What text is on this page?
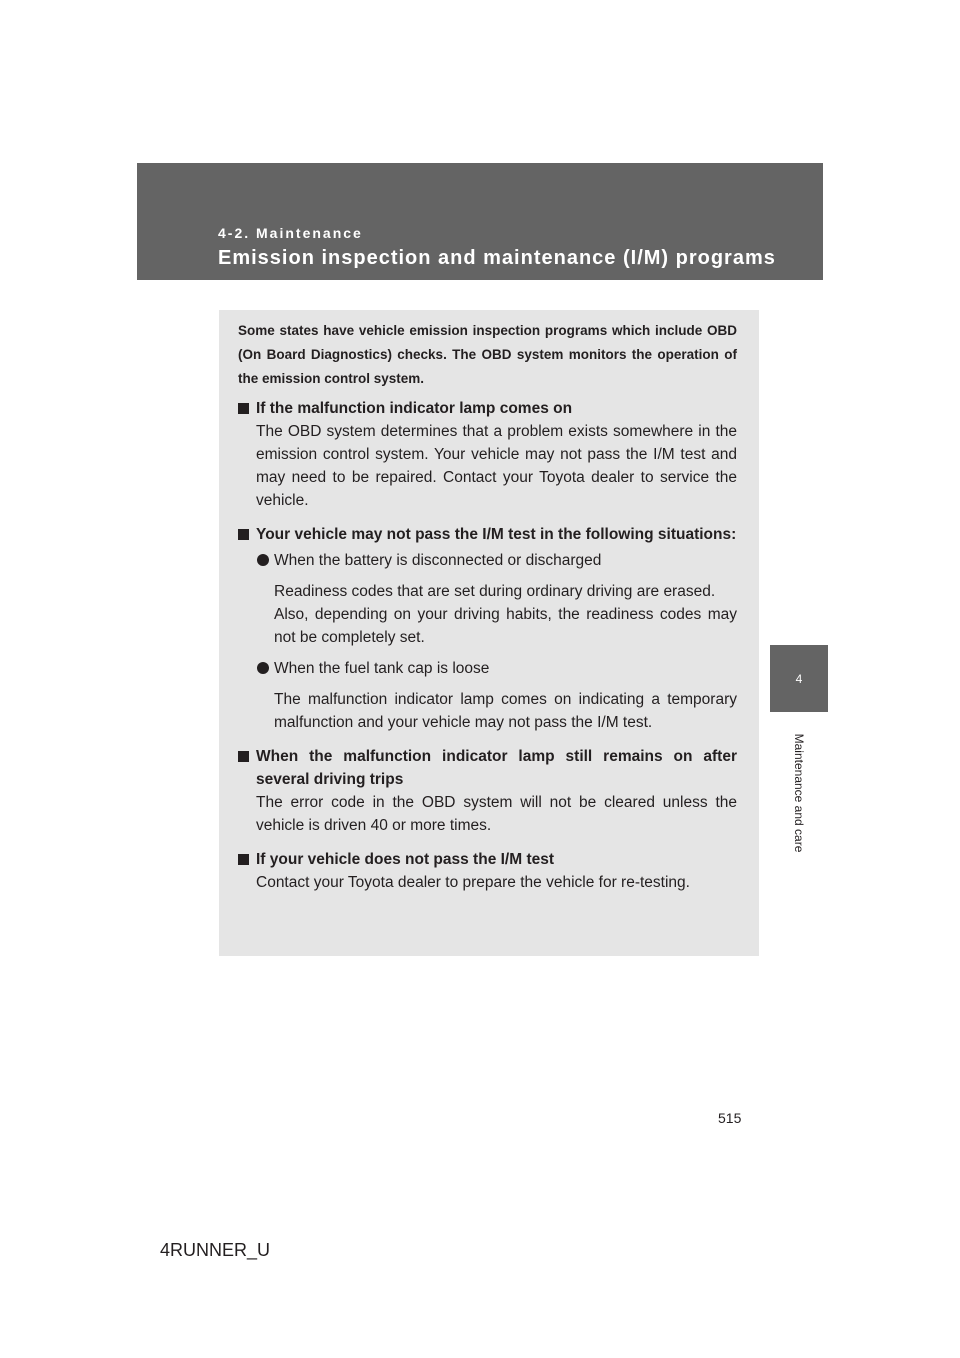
4-2. Maintenance
Emission inspection and maintenance (I/M) programs
4
Maintenance and care

Some states have vehicle emission inspection programs which include OBD (On Board Diagnostics) checks. The OBD system monitors the operation of the emission control system.

If the malfunction indicator lamp comes on
The OBD system determines that a problem exists somewhere in the emission control system. Your vehicle may not pass the I/M test and may need to be repaired. Contact your Toyota dealer to service the vehicle.
Your vehicle may not pass the I/M test in the following situations:
When the battery is disconnected or discharged
Readiness codes that are set during ordinary driving are erased.
Also, depending on your driving habits, the readiness codes may not be completely set.
When the fuel tank cap is loose
The malfunction indicator lamp comes on indicating a temporary malfunction and your vehicle may not pass the I/M test.
When the malfunction indicator lamp still remains on after several driving trips
The error code in the OBD system will not be cleared unless the vehicle is driven 40 or more times.
If your vehicle does not pass the I/M test
Contact your Toyota dealer to prepare the vehicle for re-testing.
515
4RUNNER_U
